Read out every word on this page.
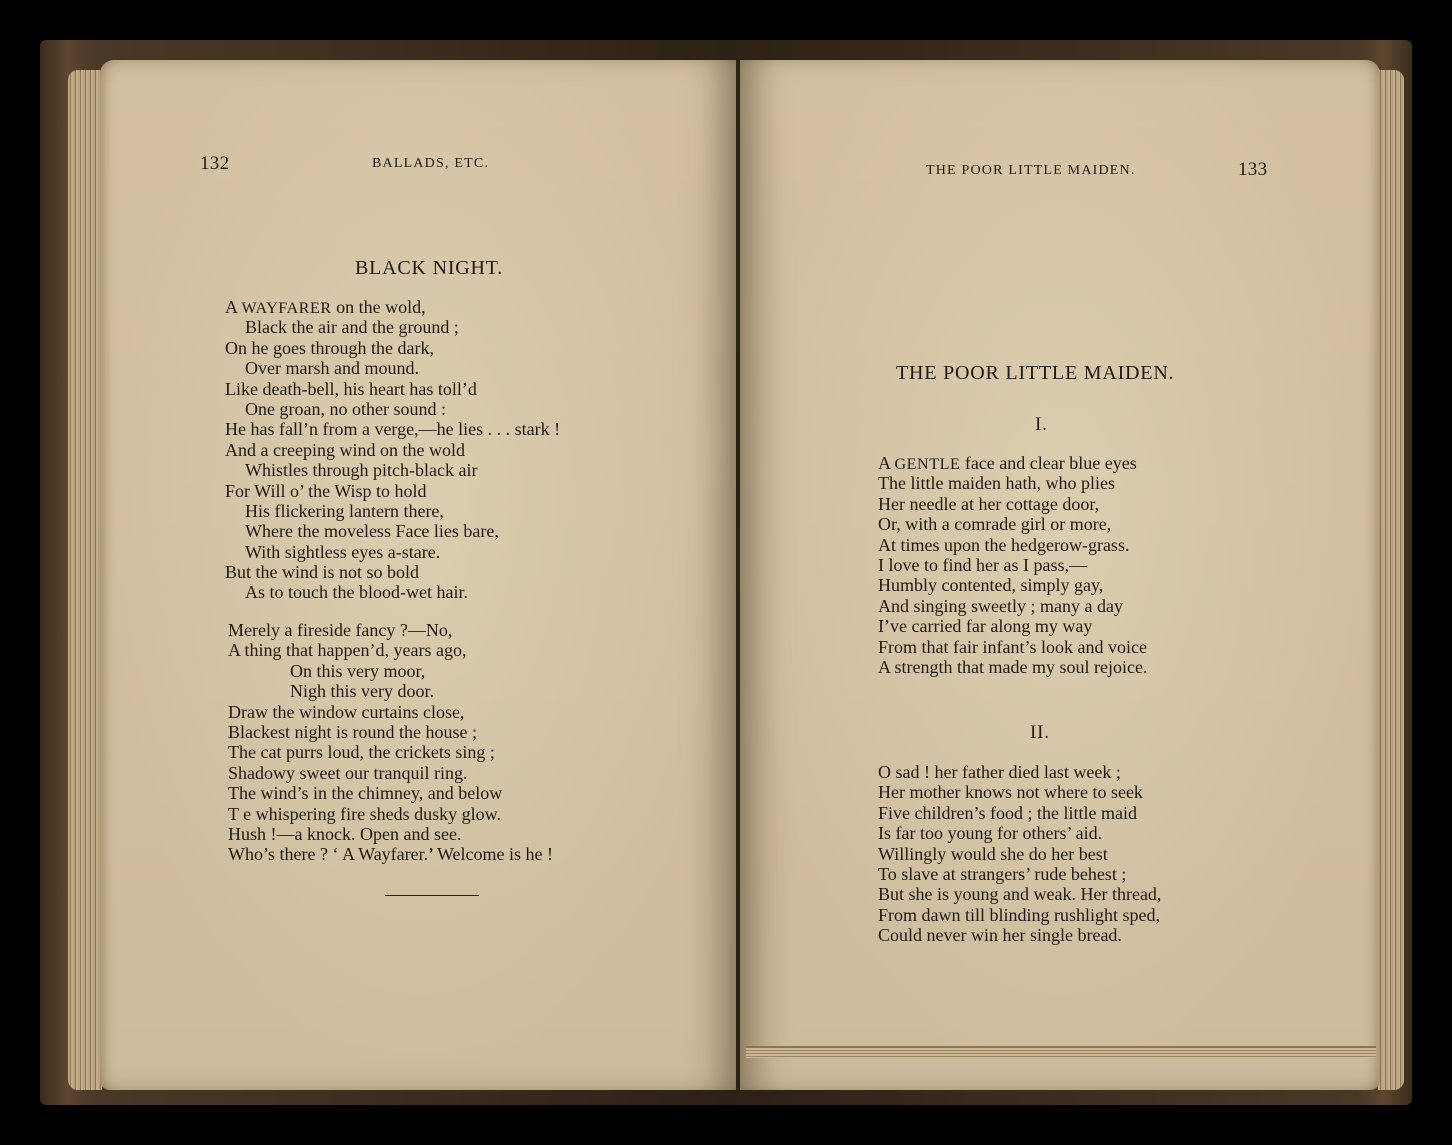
132	BALLADS, ETC.
BLACK NIGHT.
A WAYFARER on the wold,
Black the air and the ground ;
On he goes through the dark,
Over marsh and mound.
Like death-bell, his heart has toll’d
One groan, no other sound :
He has fall’n from a verge,—he lies . . . stark !
And a creeping wind on the wold
Whistles through pitch-black air
For Will o’ the Wisp to hold
His flickering lantern there,
Where the moveless Face lies bare,
With sightless eyes a-stare.
But the wind is not so bold
As to touch the blood-wet hair.
Merely a fireside fancy ?—No,
A thing that happen’d, years ago,
On this very moor,
Nigh this very door.
Draw the window curtains close,
Blackest night is round the house ;
The cat purrs loud, the crickets sing ;
Shadowy sweet our tranquil ring.
The wind’s in the chimney, and below
T e whispering fire sheds dusky glow.
Hush !—a knock. Open and see.
Who’s there ? ‘ A Wayfarer.’ Welcome is he !
THE POOR LITTLE MAIDEN.	133
THE POOR LITTLE MAIDEN.
I.
A GENTLE face and clear blue eyes
The little maiden hath, who plies
Her needle at her cottage door,
Or, with a comrade girl or more,
At times upon the hedgerow-grass.
I love to find her as I pass,—
Humbly contented, simply gay,
And singing sweetly ; many a day
I’ve carried far along my way
From that fair infant’s look and voice
A strength that made my soul rejoice.
II.
O sad ! her father died last week ;
Her mother knows not where to seek
Five children’s food ; the little maid
Is far too young for others’ aid.
Willingly would she do her best
To slave at strangers’ rude behest ;
But she is young and weak. Her thread,
From dawn till blinding rushlight sped,
Could never win her single bread.
